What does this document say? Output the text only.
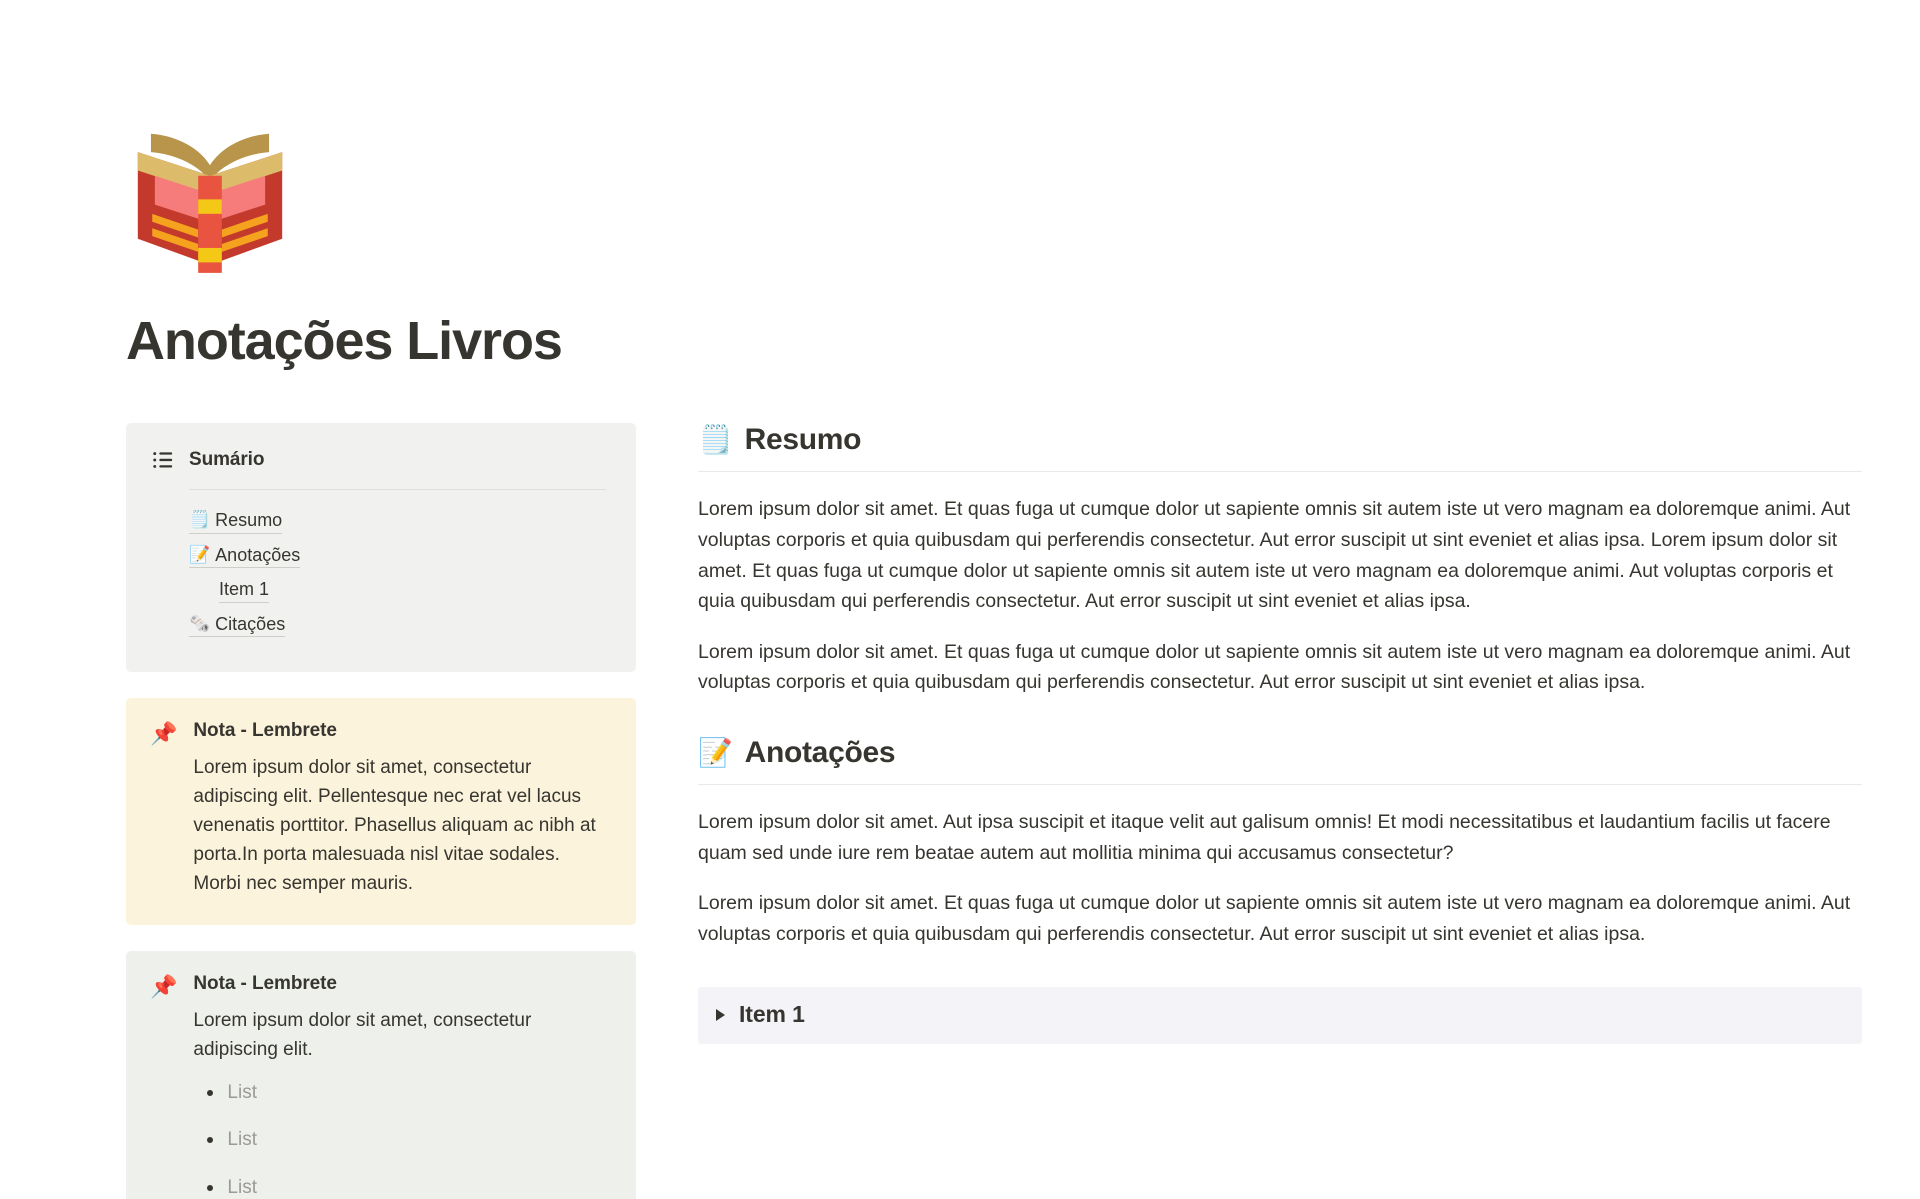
Anotações Livros
Sumário
🗒️ Resumo
📝 Anotações
Item 1
🗞️ Citações
📌 Nota - Lembrete
Lorem ipsum dolor sit amet, consectetur adipiscing elit. Pellentesque nec erat vel lacus venenatis porttitor. Phasellus aliquam ac nibh at porta.In porta malesuada nisl vitae sodales. Morbi nec semper mauris.
📌 Nota - Lembrete
Lorem ipsum dolor sit amet, consectetur adipiscing elit.
List
List
List
🗒️ Resumo

Lorem ipsum dolor sit amet. Et quas fuga ut cumque dolor ut sapiente omnis sit autem iste ut vero magnam ea doloremque animi. Aut voluptas corporis et quia quibusdam qui perferendis consectetur. Aut error suscipit ut sint eveniet et alias ipsa. Lorem ipsum dolor sit amet. Et quas fuga ut cumque dolor ut sapiente omnis sit autem iste ut vero magnam ea doloremque animi. Aut voluptas corporis et quia quibusdam qui perferendis consectetur. Aut error suscipit ut sint eveniet et alias ipsa.

Lorem ipsum dolor sit amet. Et quas fuga ut cumque dolor ut sapiente omnis sit autem iste ut vero magnam ea doloremque animi. Aut voluptas corporis et quia quibusdam qui perferendis consectetur. Aut error suscipit ut sint eveniet et alias ipsa.

📝 Anotações

Lorem ipsum dolor sit amet. Aut ipsa suscipit et itaque velit aut galisum omnis! Et modi necessitatibus et laudantium facilis ut facere quam sed unde iure rem beatae autem aut mollitia minima qui accusamus consectetur?

Lorem ipsum dolor sit amet. Et quas fuga ut cumque dolor ut sapiente omnis sit autem iste ut vero magnam ea doloremque animi. Aut voluptas corporis et quia quibusdam qui perferendis consectetur. Aut error suscipit ut sint eveniet et alias ipsa.

Item 1
